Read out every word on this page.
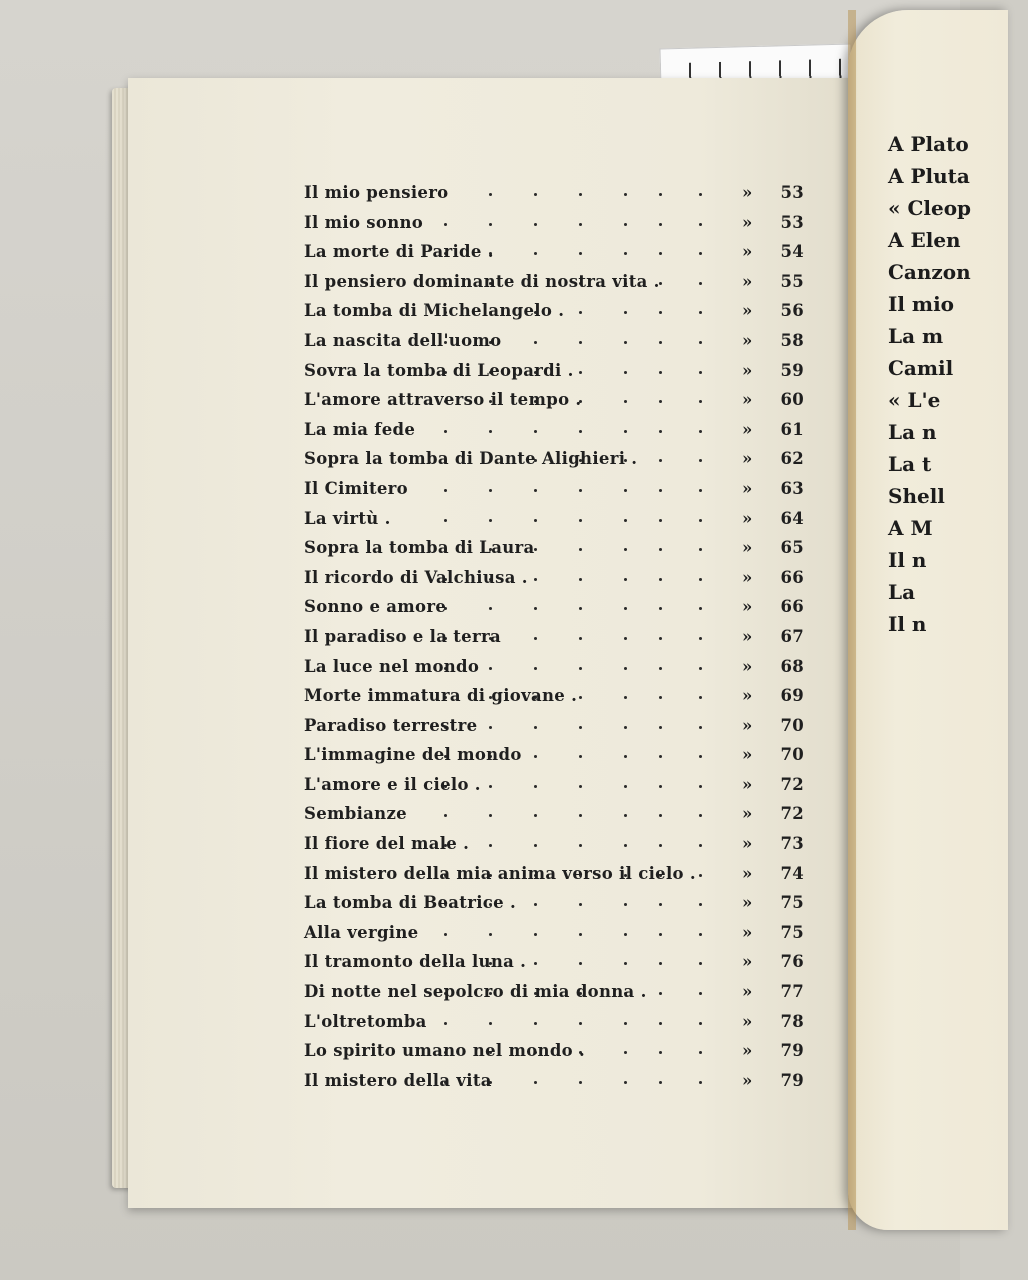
Il mio pensiero	»	53
Il mio sonno	»	53
La morte di Paride .	»	54
Il pensiero dominante di nostra vita .	»	55
La tomba di Michelangelo .	»	56
La nascita dell'uomo	»	58
Sovra la tomba di Leopardi .	»	59
L'amore attraverso il tempo .	»	60
La mia fede	»	61
Sopra la tomba di Dante Alighieri .	»	62
Il Cimitero	»	63
La virtù .	»	64
Sopra la tomba di Laura	»	65
Il ricordo di Valchiusa .	»	66
Sonno e amore	»	66
Il paradiso e la terra	»	67
La luce nel mondo	»	68
Morte immatura di giovane .	»	69
Paradiso terrestre	»	70
L'immagine del mondo	»	70
L'amore e il cielo .	»	72
Sembianze	»	72
Il fiore del male .	»	73
Il mistero della mia anima verso il cielo .	»	74
La tomba di Beatrice .	»	75
Alla vergine	»	75
Il tramonto della luna .	»	76
Di notte nel sepolcro di mia donna .	»	77
L'oltretomba	»	78
Lo spirito umano nel mondo .	»	79
Il mistero della vita	»	79
A Plato
A Pluta
« Cleop
A Elen
Canzon
Il mio
La m
Camil
« L'e
La n
La t
Shell
A M
Il n
La
Il n
